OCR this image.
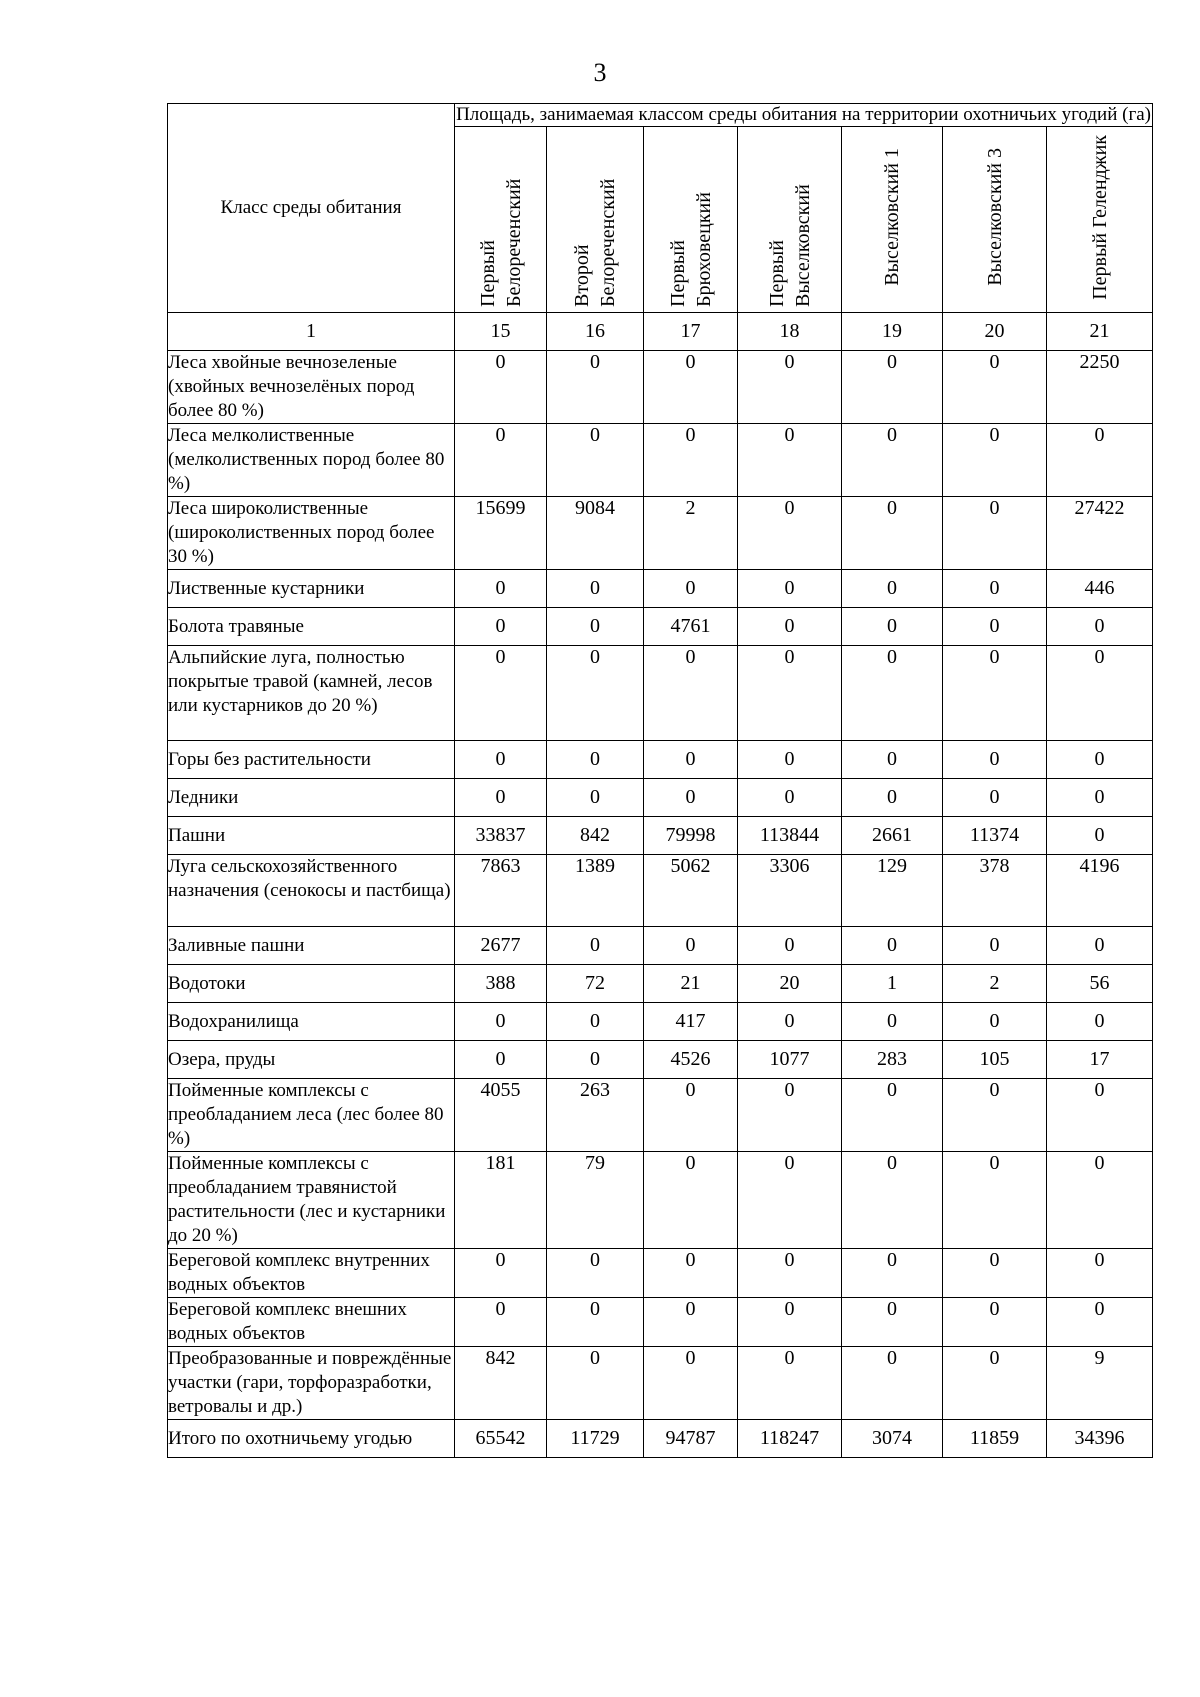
3
Класс среды обитания	Площадь, занимаемая классом среды обитания на территории охотничьих угодий (га)						
	Первый Белореченский	Второй Белореченский	Первый Брюховецкий	Первый Выселковский	Выселковский 1	Выселковский 3	Первый Геленджик
1	15	16	17	18	19	20	21
Леса хвойные вечнозеленые (хвойных вечнозелёных пород более 80 %)	0	0	0	0	0	0	2250
Леса мелколиственные (мелколиственных пород более 80 %)	0	0	0	0	0	0	0
Леса широколиственные (широколиственных пород более 30 %)	15699	9084	2	0	0	0	27422
Лиственные кустарники	0	0	0	0	0	0	446
Болота травяные	0	0	4761	0	0	0	0
Альпийские луга, полностью покрытые травой (камней, лесов или кустарников до 20 %)	0	0	0	0	0	0	0
Горы без растительности	0	0	0	0	0	0	0
Ледники	0	0	0	0	0	0	0
Пашни	33837	842	79998	113844	2661	11374	0
Луга сельскохозяйственного назначения (сенокосы и пастбища)	7863	1389	5062	3306	129	378	4196
Заливные пашни	2677	0	0	0	0	0	0
Водотоки	388	72	21	20	1	2	56
Водохранилища	0	0	417	0	0	0	0
Озера, пруды	0	0	4526	1077	283	105	17
Пойменные комплексы с преобладанием леса (лес более 80 %)	4055	263	0	0	0	0	0
Пойменные комплексы с преобладанием травянистой растительности (лес и кустарники до 20 %)	181	79	0	0	0	0	0
Береговой комплекс внутренних водных объектов	0	0	0	0	0	0	0
Береговой комплекс внешних водных объектов	0	0	0	0	0	0	0
Преобразованные и повреждённые участки (гари, торфоразработки, ветровалы и др.)	842	0	0	0	0	0	9
Итого по охотничьему угодью	65542	11729	94787	118247	3074	11859	34396
